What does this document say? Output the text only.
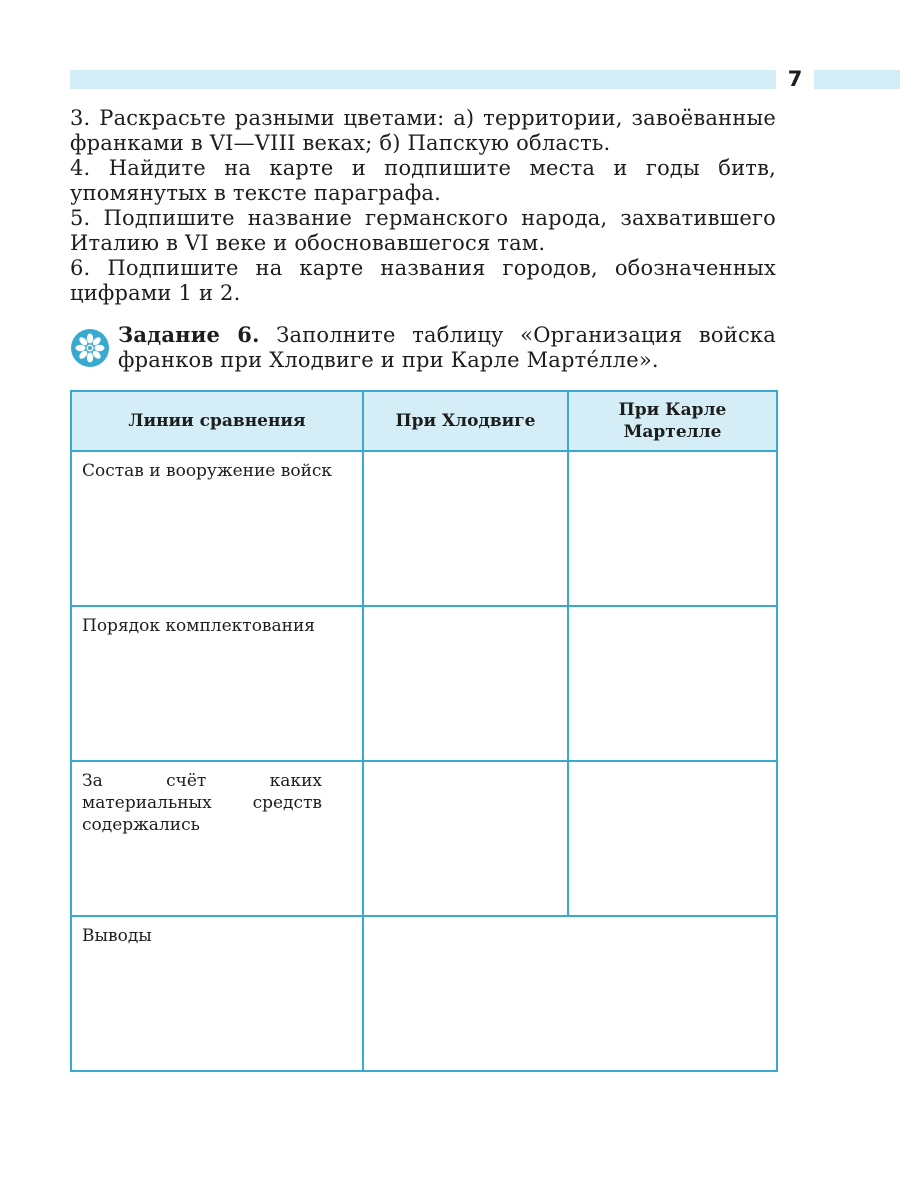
7

3. Раскрасьте разными цветами: а) территории, завоёванные франками в VI—VIII веках; б) Папскую область.

4. Найдите на карте и подпишите места и годы битв, упомянутых в тексте параграфа.

5. Подпишите название германского народа, захватившего Италию в VI веке и обосновавшегося там.

6. Подпишите на карте названия городов, обозначенных цифрами 1 и 2.

Задание 6. Заполните таблицу «Организация войска франков при Хлодвиге и при Карле Мартéлле».
Линии сравнения	При Хлодвиге	При Карле Мартелле

Состав и вооружение войск		

Порядок комплектования		

За счёт каких материальных средств содержались		

Выводы		
